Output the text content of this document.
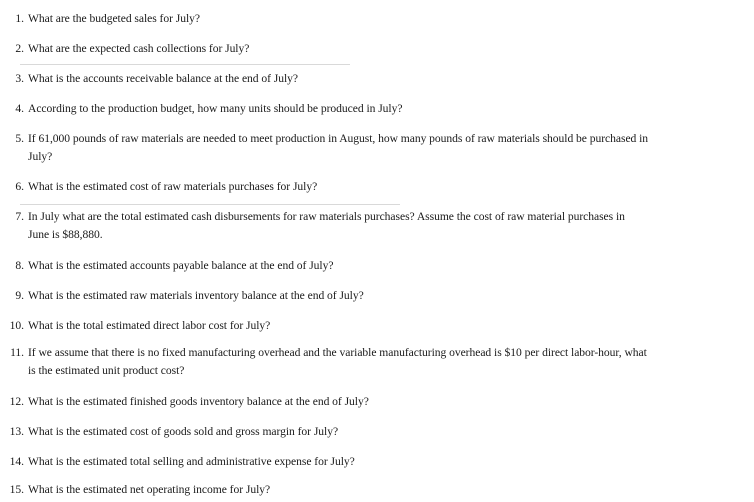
1. What are the budgeted sales for July?
2. What are the expected cash collections for July?
3. What is the accounts receivable balance at the end of July?
4. According to the production budget, how many units should be produced in July?
5. If 61,000 pounds of raw materials are needed to meet production in August, how many pounds of raw materials should be purchased in
July?
6. What is the estimated cost of raw materials purchases for July?
7. In July what are the total estimated cash disbursements for raw materials purchases? Assume the cost of raw material purchases in
June is $88,880.
8. What is the estimated accounts payable balance at the end of July?
9. What is the estimated raw materials inventory balance at the end of July?
10. What is the total estimated direct labor cost for July?
11. If we assume that there is no fixed manufacturing overhead and the variable manufacturing overhead is $10 per direct labor-hour, what
is the estimated unit product cost?
12. What is the estimated finished goods inventory balance at the end of July?
13. What is the estimated cost of goods sold and gross margin for July?
14. What is the estimated total selling and administrative expense for July?
15. What is the estimated net operating income for July?
